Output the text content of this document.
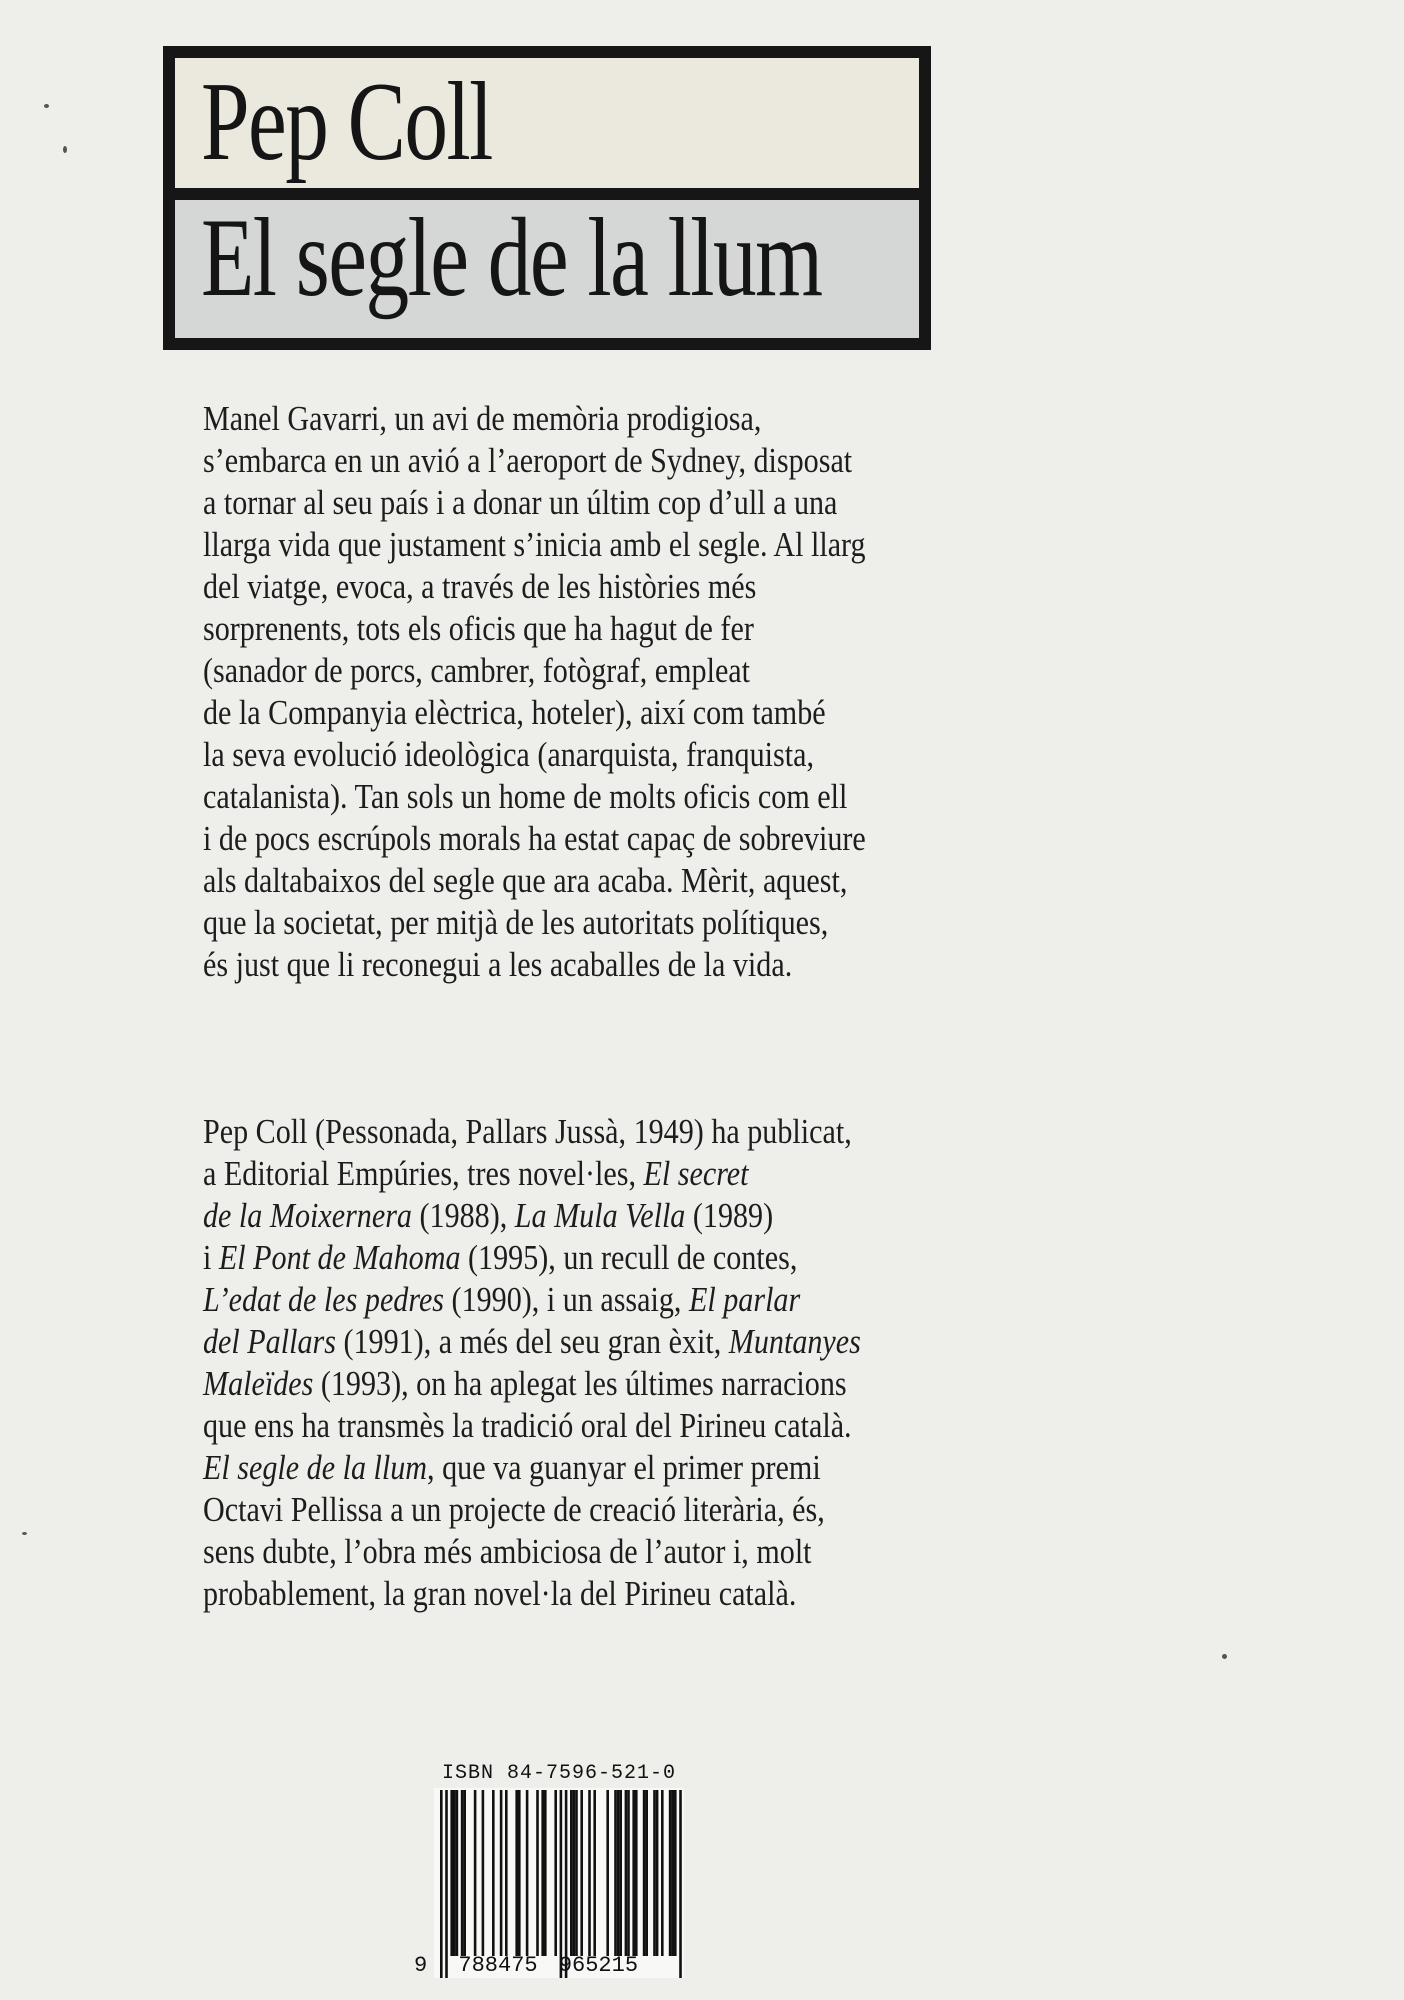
Pep Coll
El segle de la llum
Manel Gavarri, un avi de memòria prodigiosa,
s’embarca en un avió a l’aeroport de Sydney, disposat
a tornar al seu país i a donar un últim cop d’ull a una
llarga vida que justament s’inicia amb el segle. Al llarg
del viatge, evoca, a través de les històries més
sorprenents, tots els oficis que ha hagut de fer
(sanador de porcs, cambrer, fotògraf, empleat
de la Companyia elèctrica, hoteler), així com també
la seva evolució ideològica (anarquista, franquista,
catalanista). Tan sols un home de molts oficis com ell
i de pocs escrúpols morals ha estat capaç de sobreviure
als daltabaixos del segle que ara acaba. Mèrit, aquest,
que la societat, per mitjà de les autoritats polítiques,
és just que li reconegui a les acaballes de la vida.
Pep Coll (Pessonada, Pallars Jussà, 1949) ha publicat,
a Editorial Empúries, tres novel·les, El secret
de la Moixernera (1988), La Mula Vella (1989)
i El Pont de Mahoma (1995), un recull de contes,
L’edat de les pedres (1990), i un assaig, El parlar
del Pallars (1991), a més del seu gran èxit, Muntanyes
Maleïdes (1993), on ha aplegat les últimes narracions
que ens ha transmès la tradició oral del Pirineu català.
El segle de la llum, que va guanyar el primer premi
Octavi Pellissa a un projecte de creació literària, és,
sens dubte, l’obra més ambiciosa de l’autor i, molt
probablement, la gran novel·la del Pirineu català.
ISBN 84-7596-521-0
9 788475 965215
